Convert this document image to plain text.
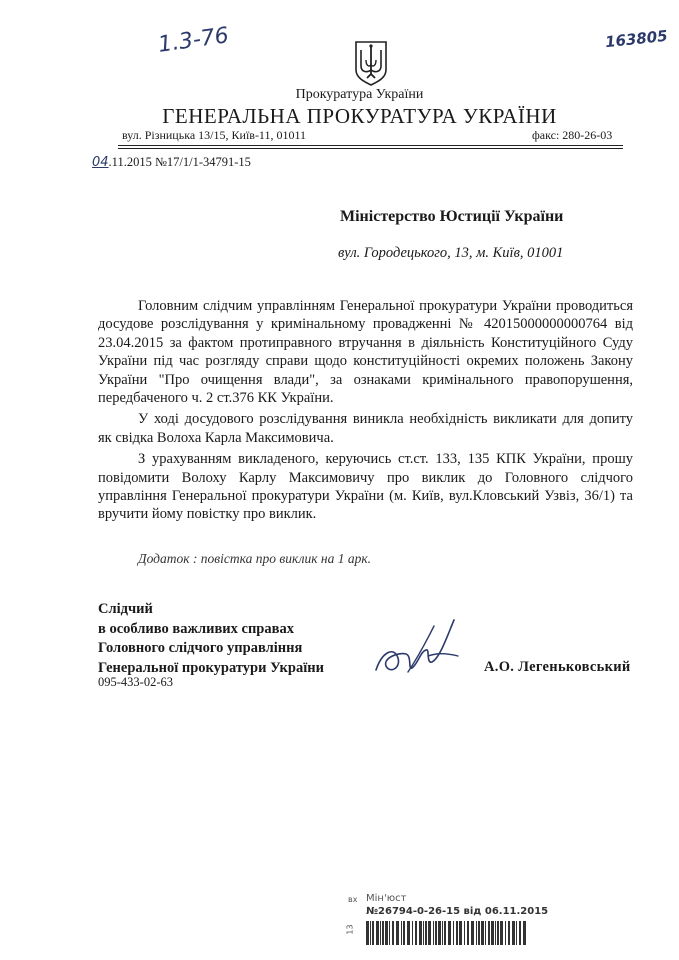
1.3-76	163805
Прокуратура України
ГЕНЕРАЛЬНА ПРОКУРАТУРА УКРАЇНИ
вул. Різницька 13/15, Київ-11, 01011	факс: 280-26-03
04.11.2015 №17/1/1-34791-15
Міністерство Юстиції України
вул. Городецького, 13, м. Київ, 01001

Головним слідчим управлінням Генеральної прокуратури України проводиться досудове розслідування у кримінальному провадженні № 42015000000000764 від 23.04.2015 за фактом протиправного втручання в діяльність Конституційного Суду України під час розгляду справи щодо конституційності окремих положень Закону України "Про очищення влади", за ознаками кримінального правопорушення, передбаченого ч. 2 ст.376 КК України.

У ході досудового розслідування виникла необхідність викликати для допиту як свідка Волоха Карла Максимовича.

З урахуванням викладеного, керуючись ст.ст. 133, 135 КПК України, прошу повідомити Волоху Карлу Максимовичу про виклик до Головного слідчого управління Генеральної прокуратури України (м. Київ, вул.Кловський Узвіз, 36/1) та вручити йому повістку про виклик.

Додаток : повістка про виклик на 1 арк.
Слідчий
в особливо важливих справах
Головного слідчого управління
Генеральної прокуратури України
095-433-02-63
А.О. Легеньковський
вх
13
Мін'юст
№26794-0-26-15 від 06.11.2015
